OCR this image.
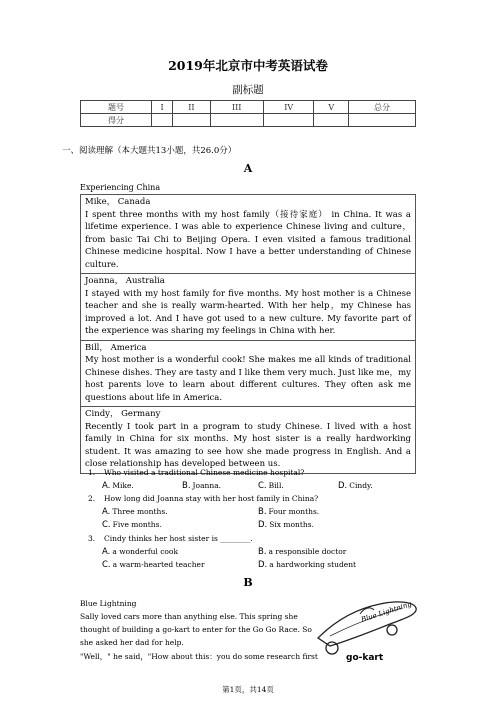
2019年北京市中考英语试卷
副标题
题号	I	II	III	IV	V	总分
得分						
一、阅读理解（本大题共13小题，共26.0分）
A
Experiencing China
Mike， Canada
I spent three months with my host family（接待家庭） in China. It was a lifetime experience. I was able to experience Chinese living and culture，from basic Tai Chi to Beijing Opera. I even visited a famous traditional Chinese medicine hospital. Now I have a better understanding of Chinese culture.
Joanna， Australia
I stayed with my host family for five months. My host mother is a Chinese teacher and she is really warm-hearted. With her help，my Chinese has improved a lot. And I have got used to a new culture. My favorite part of the experience was sharing my feelings in China with her.
Bill， America
My host mother is a wonderful cook! She makes me all kinds of traditional Chinese dishes. They are tasty and I like them very much. Just like me，my host parents love to learn about different cultures. They often ask me questions about life in America.
Cindy， Germany
Recently I took part in a program to study Chinese. I lived with a host family in China for six months. My host sister is a really hardworking student. It was amazing to see how she made progress in English. And a close relationship has developed between us.
1. Who visited a traditional Chinese medicine hospital?
A. Mike.	B. Joanna.	C. Bill.	D. Cindy.
2. How long did Joanna stay with her host family in China?
A. Three months.	B. Four months.
C. Five months.	D. Six months.
3. Cindy thinks her host sister is ________.
A. a wonderful cook	B. a responsible doctor
C. a warm-hearted teacher	D. a hardworking student
B
Blue Lightning
Sally loved cars more than anything else. This spring she
thought of building a go-kart to enter for the Go Go Race. So
she asked her dad for help.
"Well，" he said，"How about this：you do some research first
Blue Lightning
go-kart
第1页，共14页
